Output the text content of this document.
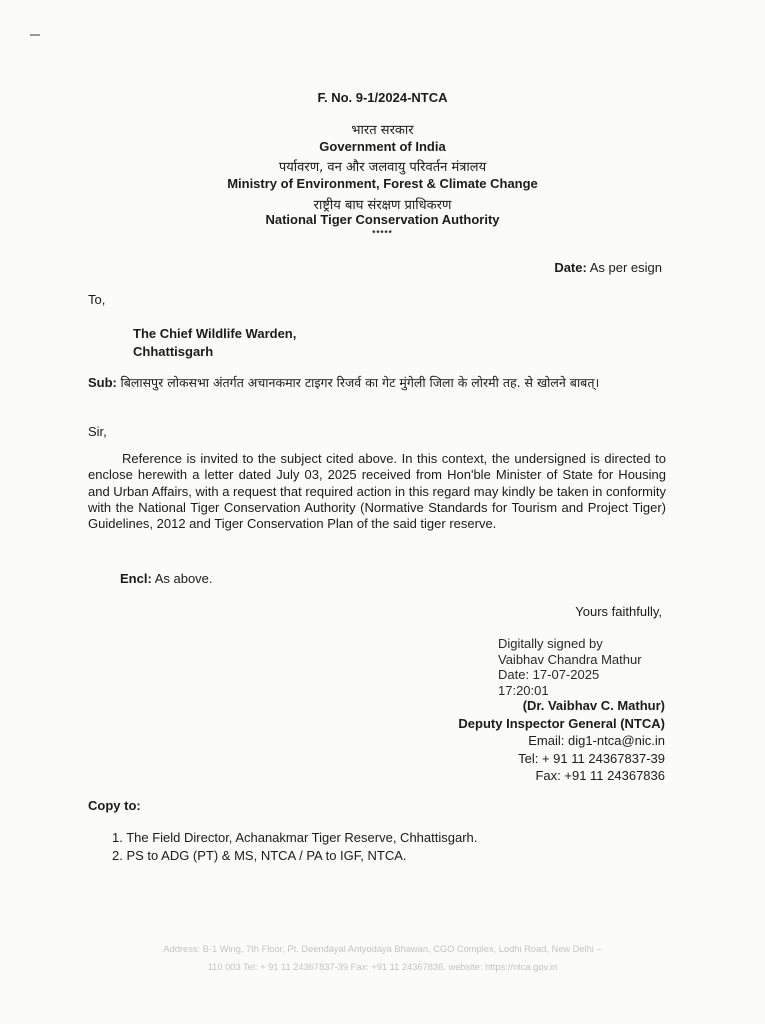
F. No. 9-1/2024-NTCA
भारत सरकार
Government of India
पर्यावरण, वन और जलवायु परिवर्तन मंत्रालय
Ministry of Environment, Forest & Climate Change
राष्ट्रीय बाघ संरक्षण प्राधिकरण
National Tiger Conservation Authority
*****
Date: As per esign
To,
The Chief Wildlife Warden,
Chhattisgarh
Sub: बिलासपुर लोकसभा अंतर्गत अचानकमार टाइगर रिजर्व का गेट मुंगेली जिला के लोरमी तह. से खोलने बाबत्।
Sir,
Reference is invited to the subject cited above. In this context, the undersigned is directed to enclose herewith a letter dated July 03, 2025 received from Hon'ble Minister of State for Housing and Urban Affairs, with a request that required action in this regard may kindly be taken in conformity with the National Tiger Conservation Authority (Normative Standards for Tourism and Project Tiger) Guidelines, 2012 and Tiger Conservation Plan of the said tiger reserve.
Encl: As above.
Yours faithfully,
Digitally signed by
Vaibhav Chandra Mathur
Date: 17-07-2025
17:20:01
(Dr. Vaibhav C. Mathur)
Deputy Inspector General (NTCA)
Email: dig1-ntca@nic.in
Tel: + 91 11 24367837-39
Fax: +91 11 24367836
Copy to:
1. The Field Director, Achanakmar Tiger Reserve, Chhattisgarh.
2. PS to ADG (PT) & MS, NTCA / PA to IGF, NTCA.
Address: B-1 Wing, 7th Floor, Pt. Deendayal Antyodaya Bhawan, CGO Complex, Lodhi Road, New Delhi –
110 003 Tel: + 91 11 24367837-39 Fax: +91 11 24367836. website: https://ntca.gov.in
